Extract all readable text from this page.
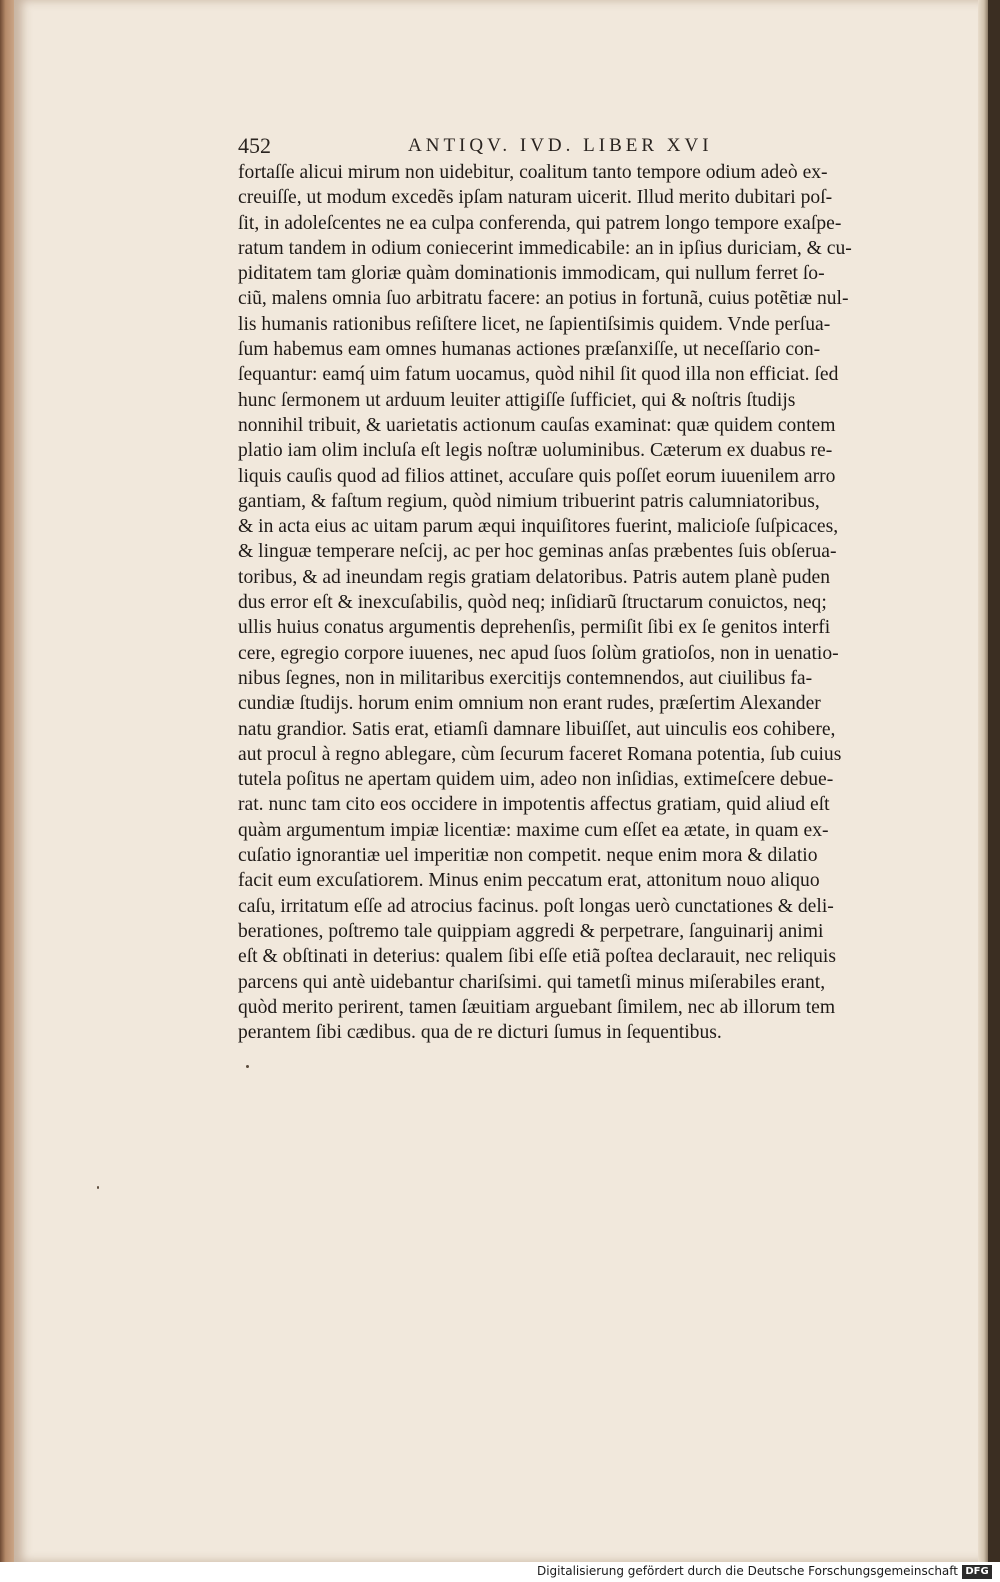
452	ANTIQV. IVD. LIBER XVI
fortaſſe alicui mirum non uidebitur, coalitum tanto tempore odium adeò ex-
creuiſſe, ut modum excedẽs ipſam naturam uicerit. Illud merito dubitari poſ-
ſit, in adoleſcentes ne ea culpa conferenda, qui patrem longo tempore exaſpe-
ratum tandem in odium coniecerint immedicabile: an in ipſius duriciam, & cu-
piditatem tam gloriæ quàm dominationis immodicam, qui nullum ferret ſo-
ciũ, malens omnia ſuo arbitratu facere: an potius in fortunã, cuius potẽtiæ nul-
lis humanis rationibus reſiſtere licet, ne ſapientiſsimis quidem. Vnde perſua-
ſum habemus eam omnes humanas actiones præſanxiſſe, ut neceſſario con-
ſequantur: eamq́ uim fatum uocamus, quòd nihil ſit quod illa non efficiat. ſed
hunc ſermonem ut arduum leuiter attigiſſe ſufficiet, qui & noſtris ſtudijs
nonnihil tribuit, & uarietatis actionum cauſas examinat: quæ quidem contem
platio iam olim incluſa eſt legis noſtræ uoluminibus. Cæterum ex duabus re-
liquis cauſis quod ad filios attinet, accuſare quis poſſet eorum iuuenilem arro
gantiam, & faſtum regium, quòd nimium tribuerint patris calumniatoribus,
& in acta eius ac uitam parum æqui inquiſitores fuerint, malicioſe ſuſpicaces,
& linguæ temperare neſcij, ac per hoc geminas anſas præbentes ſuis obſerua-
toribus, & ad ineundam regis gratiam delatoribus. Patris autem planè puden
dus error eſt & inexcuſabilis, quòd neq; inſidiarũ ſtructarum conuictos, neq;
ullis huius conatus argumentis deprehenſis, permiſit ſibi ex ſe genitos interfi
cere, egregio corpore iuuenes, nec apud ſuos ſolùm gratioſos, non in uenatio-
nibus ſegnes, non in militaribus exercitijs contemnendos, aut ciuilibus fa-
cundiæ ſtudijs. horum enim omnium non erant rudes, præſertim Alexander
natu grandior. Satis erat, etiamſi damnare libuiſſet, aut uinculis eos cohibere,
aut procul à regno ablegare, cùm ſecurum faceret Romana potentia, ſub cuius
tutela poſitus ne apertam quidem uim, adeo non inſidias, extimeſcere debue-
rat. nunc tam cito eos occidere in impotentis affectus gratiam, quid aliud eſt
quàm argumentum impiæ licentiæ: maxime cum eſſet ea ætate, in quam ex-
cuſatio ignorantiæ uel imperitiæ non competit. neque enim mora & dilatio
facit eum excuſatiorem. Minus enim peccatum erat, attonitum nouo aliquo
caſu, irritatum eſſe ad atrocius facinus. poſt longas uerò cunctationes & deli-
berationes, poſtremo tale quippiam aggredi & perpetrare, ſanguinarij animi
eſt & obſtinati in deterius: qualem ſibi eſſe etiã poſtea declarauit, nec reliquis
parcens qui antè uidebantur chariſsimi. qui tametſi minus miſerabiles erant,
quòd merito perirent, tamen ſæuitiam arguebant ſimilem, nec ab illorum tem
perantem ſibi cædibus. qua de re dicturi ſumus in ſequentibus.
Digitalisierung gefördert durch die Deutsche Forschungsgemeinschaft DFG
